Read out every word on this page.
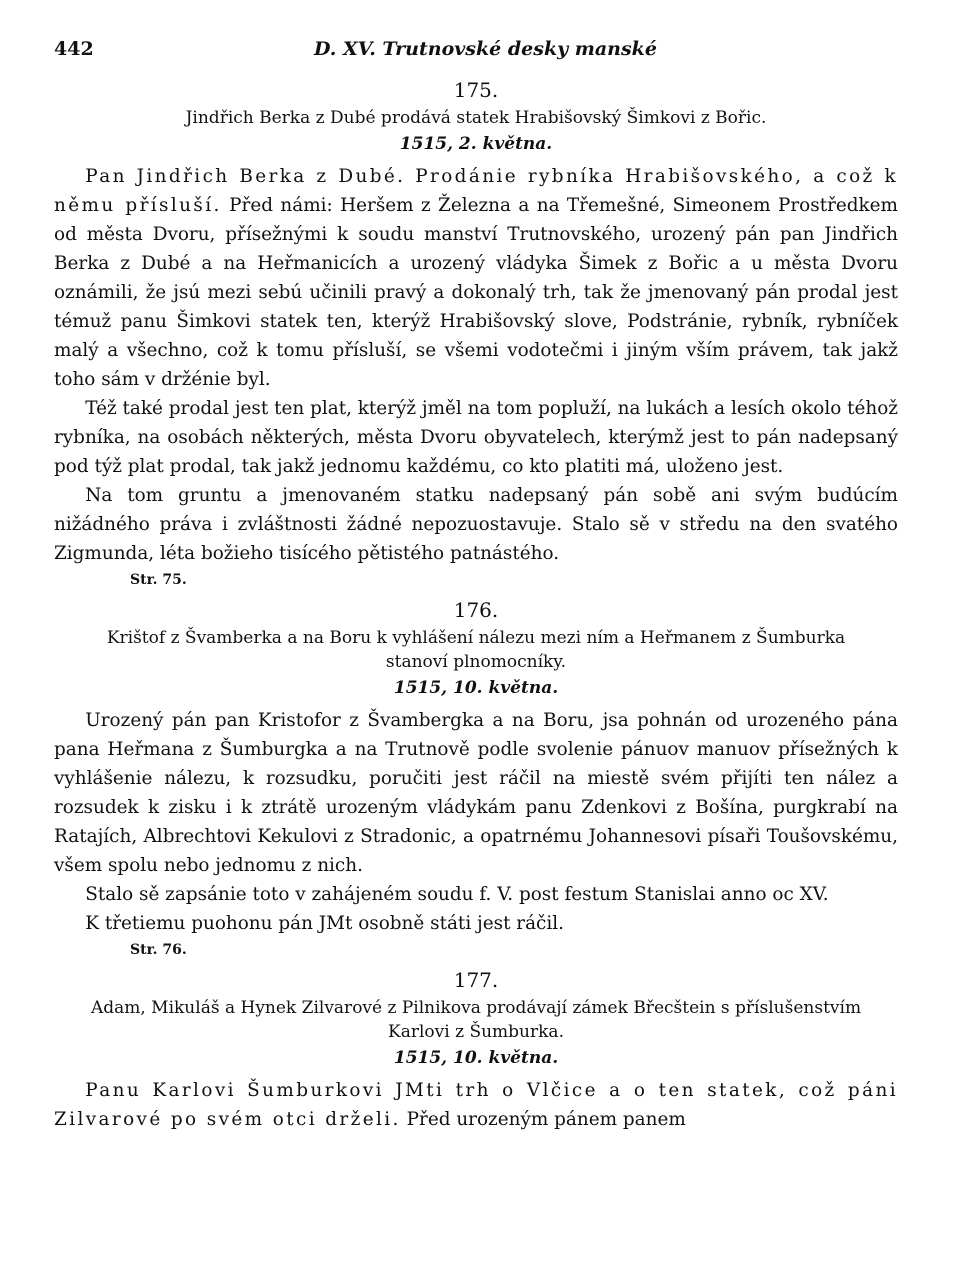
442	D. XV. Trutnovské desky manské
175.
Jindřich Berka z Dubé prodává statek Hrabišovský Šimkovi z Bořic.
1515, 2. května.

Pan Jindřich Berka z Dubé. Prodánie rybníka Hrabišovského, a což k němu přísluší. Před námi: Heršem z Železna a na Třemešné, Simeonem Prostředkem od města Dvoru, přísežnými k soudu manství Trutnovského, urozený pán pan Jindřich Berka z Dubé a na Heřmanicích a urozený vládyka Šimek z Bořic a u města Dvoru oznámili, že jsú mezi sebú učinili pravý a dokonalý trh, tak že jmenovaný pán prodal jest témuž panu Šimkovi statek ten, kterýž Hrabišovský slove, Podstránie, rybník, rybníček malý a všechno, což k tomu přísluší, se všemi vodotečmi i jiným vším právem, tak jakž toho sám v držénie byl.

Též také prodal jest ten plat, kterýž jměl na tom popluží, na lukách a lesích okolo téhož rybníka, na osobách některých, města Dvoru obyvatelech, kterýmž jest to pán nadepsaný pod týž plat prodal, tak jakž jednomu každému, co kto platiti má, uloženo jest.

Na tom gruntu a jmenovaném statku nadepsaný pán sobě ani svým budúcím nižádného práva i zvláštnosti žádné nepozuostavuje. Stalo sě v středu na den svatého Zigmunda, léta božieho tisícého pětistého patnástého.

Str. 75.
176.
Krištof z Švamberka a na Boru k vyhlášení nálezu mezi ním a Heřmanem z Šumburka stanoví plnomocníky.
1515, 10. května.

Urozený pán pan Kristofor z Švambergka a na Boru, jsa pohnán od urozeného pána pana Heřmana z Šumburgka a na Trutnově podle svolenie pánuov manuov přísežných k vyhlášenie nálezu, k rozsudku, poručiti jest ráčil na miestě svém přijíti ten nález a rozsudek k zisku i k ztrátě urozeným vládykám panu Zdenkovi z Bošína, purgkrabí na Ratajích, Albrechtovi Kekulovi z Stradonic, a opatrnému Johannesovi písaři Toušovskému, všem spolu nebo jednomu z nich.

Stalo sě zapsánie toto v zahájeném soudu f. V. post festum Stanislai anno oc XV.

K třetiemu puohonu pán JMt osobně státi jest ráčil.

Str. 76.
177.
Adam, Mikuláš a Hynek Zilvarové z Pilnikova prodávají zámek Břecštein s příslušenstvím Karlovi z Šumburka.
1515, 10. května.

Panu Karlovi Šumburkovi JMti trh o Vlčice a o ten statek, což páni Zilvarové po svém otci drželi. Před urozeným pánem panem
